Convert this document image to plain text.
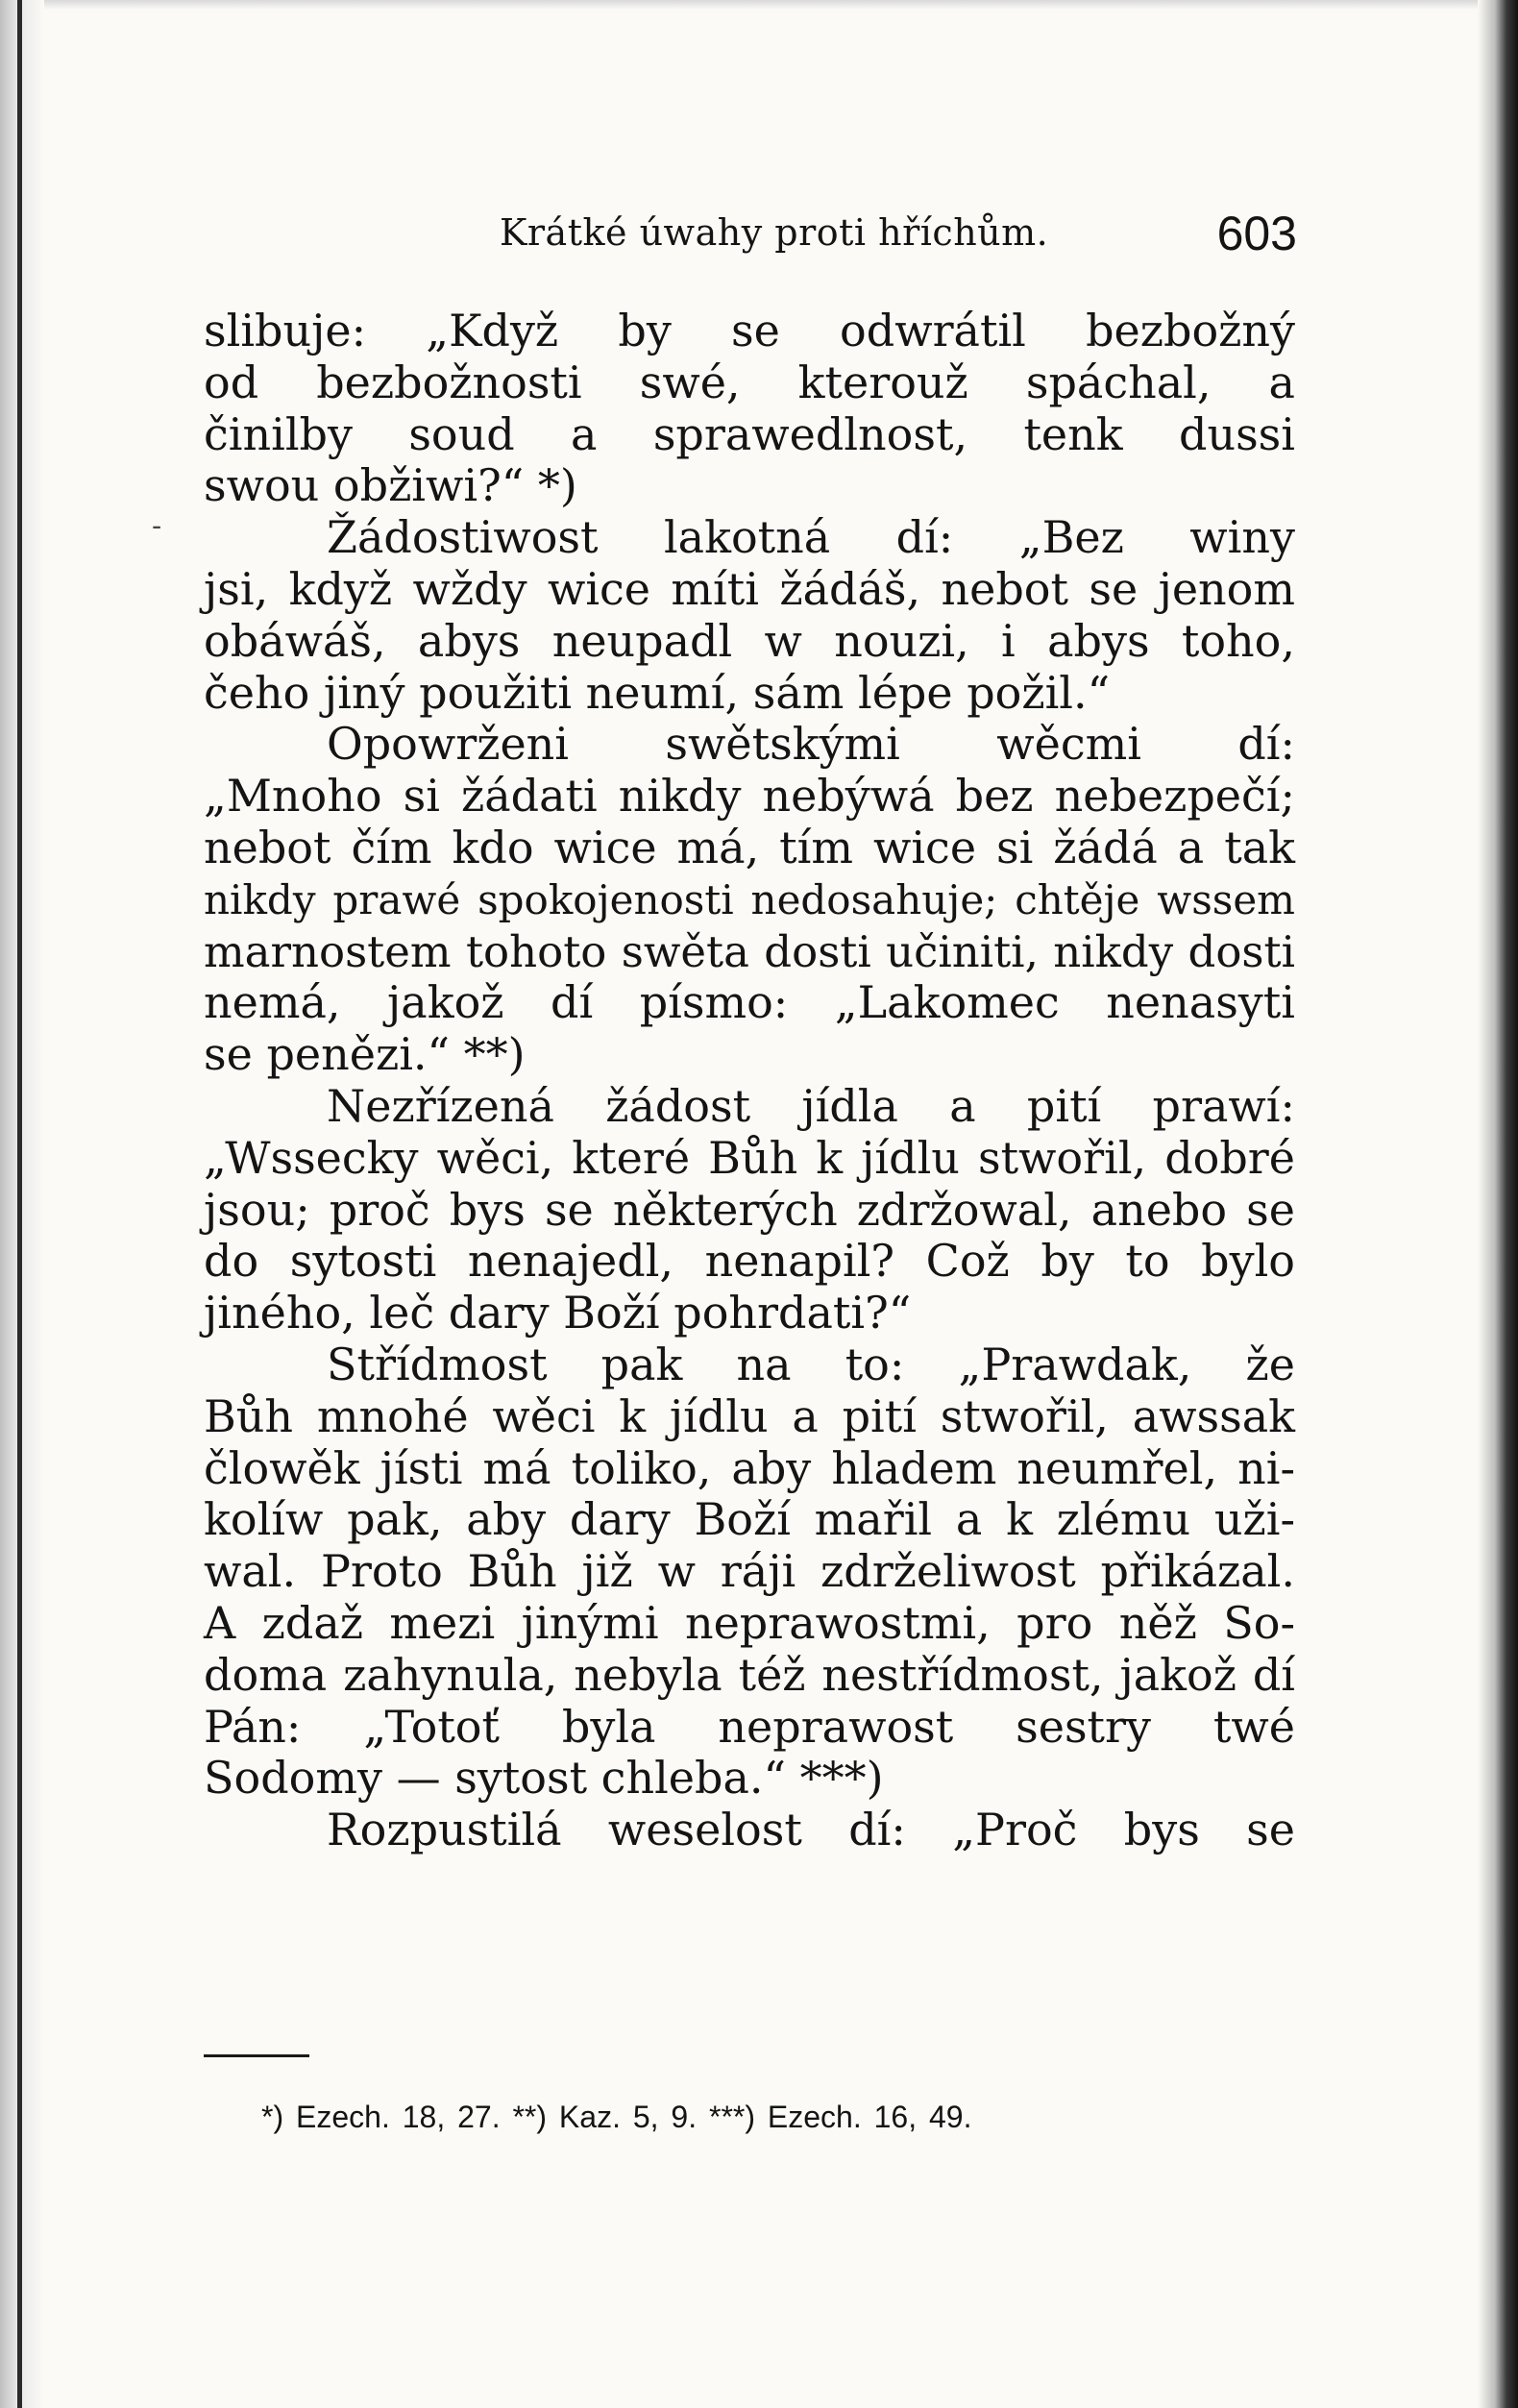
Krátké úwahy proti hříchům.	603
-
slibuje: „Když by se odwrátil bezbožný
od bezbožnosti swé, kterouž spáchal, a
činilby soud a sprawedlnost, tenk dussi
swou obžiwi?“ *)
Žádostiwost lakotná dí: „Bez winy
jsi, když wždy wice míti žádáš, nebot se jenom
obáwáš, abys neupadl w nouzi, i abys toho,
čeho jiný použiti neumí, sám lépe požil.“
Opowrženi swětskými wěcmi dí:
„Mnoho si žádati nikdy nebýwá bez nebezpečí;
nebot čím kdo wice má, tím wice si žádá a tak
nikdy prawé spokojenosti nedosahuje; chtěje wssem
marnostem tohoto swěta dosti učiniti, nikdy dosti
nemá, jakož dí písmo: „Lakomec nenasyti
se penězi.“ **)
Nezřízená žádost jídla a pití prawí:
„Wssecky wěci, které Bůh k jídlu stwořil, dobré
jsou; proč bys se některých zdržowal, anebo se
do sytosti nenajedl, nenapil? Což by to bylo
jiného, leč dary Boží pohrdati?“
Střídmost pak na to: „Prawdak, že
Bůh mnohé wěci k jídlu a pití stwořil, awssak
člowěk jísti má toliko, aby hladem neumřel, ni-
kolíw pak, aby dary Boží mařil a k zlému uži-
wal. Proto Bůh již w ráji zdrželiwost přikázal.
A zdaž mezi jinými neprawostmi, pro něž So-
doma zahynula, nebyla též nestřídmost, jakož dí
Pán: „Totoť byla neprawost sestry twé
Sodomy — sytost chleba.“ ***)
Rozpustilá weselost dí: „Proč bys se
*) Ezech. 18, 27. **) Kaz. 5, 9. ***) Ezech. 16, 49.
